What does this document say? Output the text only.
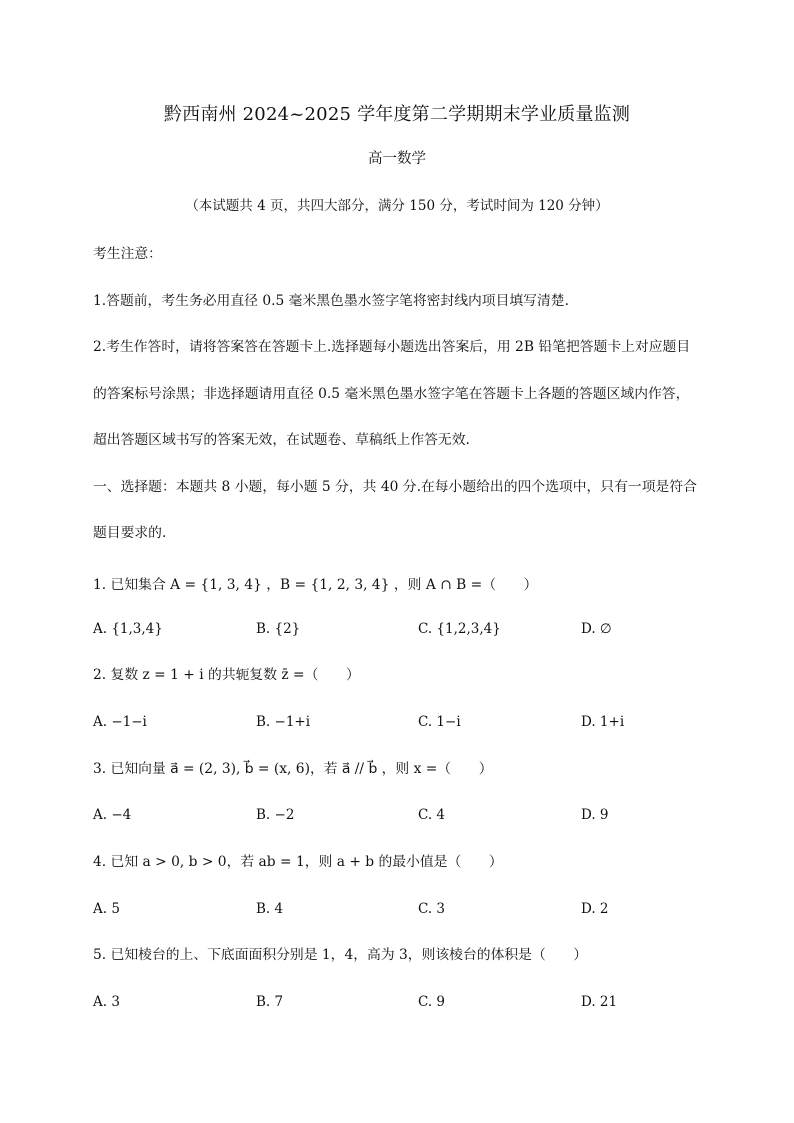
黔西南州 2024~2025 学年度第二学期期末学业质量监测
高一数学
（本试题共 4 页，共四大部分，满分 150 分，考试时间为 120 分钟）
考生注意：
1.答题前，考生务必用直径 0.5 毫米黑色墨水签字笔将密封线内项目填写清楚.
2.考生作答时，请将答案答在答题卡上.选择题每小题选出答案后，用 2B 铅笔把答题卡上对应题目
的答案标号涂黑；非选择题请用直径 0.5 毫米黑色墨水签字笔在答题卡上各题的答题区域内作答，
超出答题区域书写的答案无效，在试题卷、草稿纸上作答无效.
一、选择题：本题共 8 小题，每小题 5 分，共 40 分.在每小题给出的四个选项中，只有一项是符合
题目要求的.
1. 已知集合 A = {1, 3, 4} ，B = {1, 2, 3, 4} ，则 A ∩ B =（　　）
A. {1,3,4}	B. {2}	C. {1,2,3,4}	D. ∅
2. 复数 z = 1 + i 的共轭复数 z̄ =（　　）
A. −1−i	B. −1+i	C. 1−i	D. 1+i
3. 已知向量 a⃗ = (2, 3), b⃗ = (x, 6)，若 a⃗ // b⃗ ，则 x =（　　）
A. −4	B. −2	C. 4	D. 9
4. 已知 a > 0, b > 0，若 ab = 1，则 a + b 的最小值是（　　）
A. 5	B. 4	C. 3	D. 2
5. 已知棱台的上、下底面面积分别是 1，4，高为 3，则该棱台的体积是（　　）
A. 3	B. 7	C. 9	D. 21
